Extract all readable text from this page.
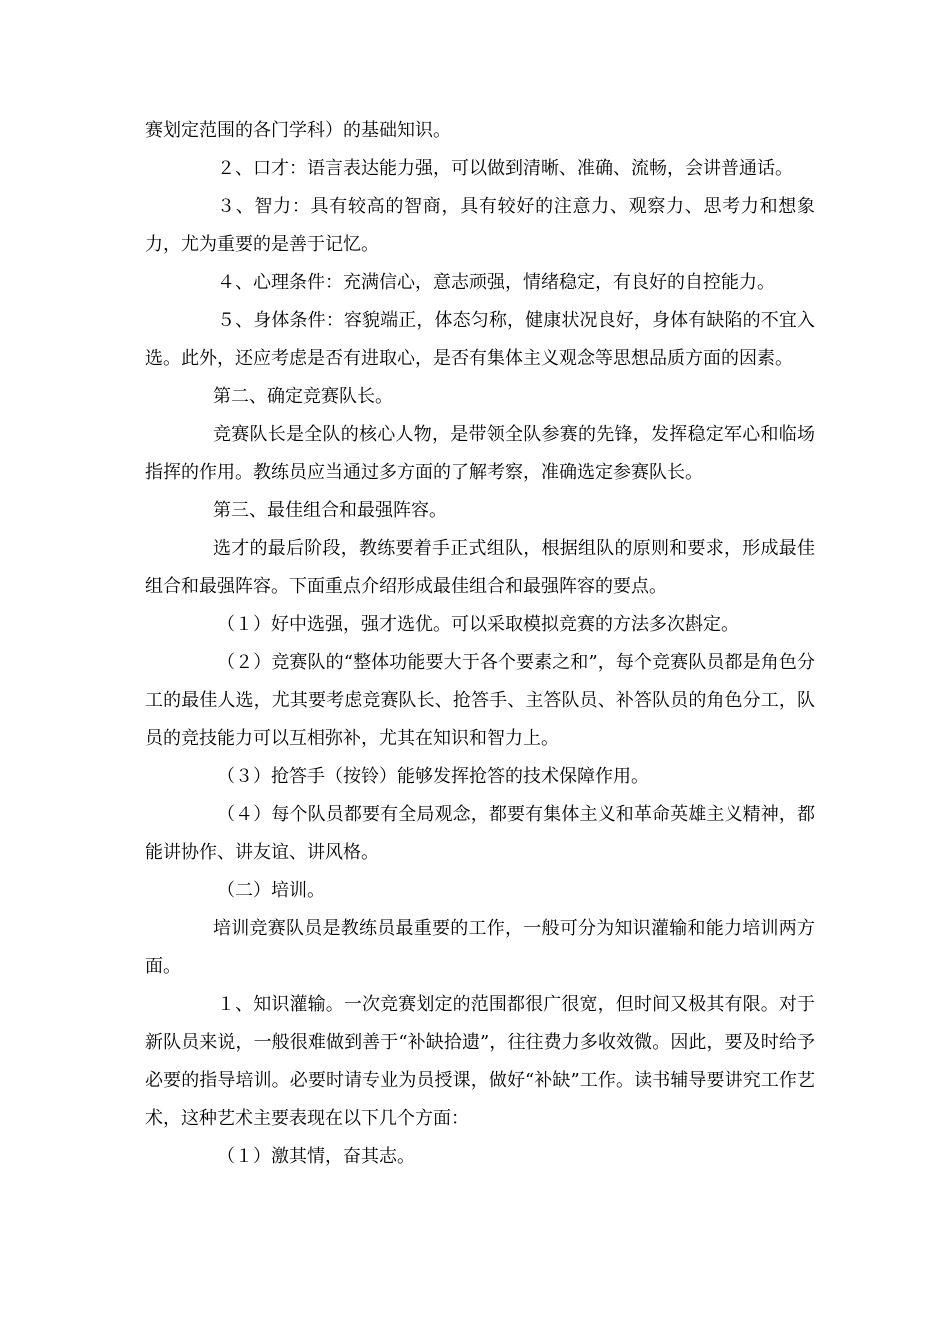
赛划定范围的各门学科）的基础知识。

２、口才：语言表达能力强，可以做到清晰、准确、流畅，会讲普通话。

３、智力：具有较高的智商，具有较好的注意力、观察力、思考力和想象力，尤为重要的是善于记忆。

４、心理条件：充满信心，意志顽强，情绪稳定，有良好的自控能力。

５、身体条件：容貌端正，体态匀称，健康状况良好，身体有缺陷的不宜入选。此外，还应考虑是否有进取心，是否有集体主义观念等思想品质方面的因素。

第二、确定竞赛队长。

竞赛队长是全队的核心人物，是带领全队参赛的先锋，发挥稳定军心和临场指挥的作用。教练员应当通过多方面的了解考察，准确选定参赛队长。

第三、最佳组合和最强阵容。

选才的最后阶段，教练要着手正式组队，根据组队的原则和要求，形成最佳组合和最强阵容。下面重点介绍形成最佳组合和最强阵容的要点。

（１）好中选强，强才选优。可以采取模拟竞赛的方法多次斟定。

（２）竞赛队的“整体功能要大于各个要素之和”，每个竞赛队员都是角色分工的最佳人选，尤其要考虑竞赛队长、抢答手、主答队员、补答队员的角色分工，队员的竞技能力可以互相弥补，尤其在知识和智力上。

（３）抢答手（按铃）能够发挥抢答的技术保障作用。

（４）每个队员都要有全局观念，都要有集体主义和革命英雄主义精神，都能讲协作、讲友谊、讲风格。

（二）培训。

培训竞赛队员是教练员最重要的工作，一般可分为知识灌输和能力培训两方面。

１、知识灌输。一次竞赛划定的范围都很广很宽，但时间又极其有限。对于新队员来说，一般很难做到善于“补缺拾遗”，往往费力多收效微。因此，要及时给予必要的指导培训。必要时请专业为员授课，做好“补缺”工作。读书辅导要讲究工作艺术，这种艺术主要表现在以下几个方面：

（１）激其情，奋其志。
